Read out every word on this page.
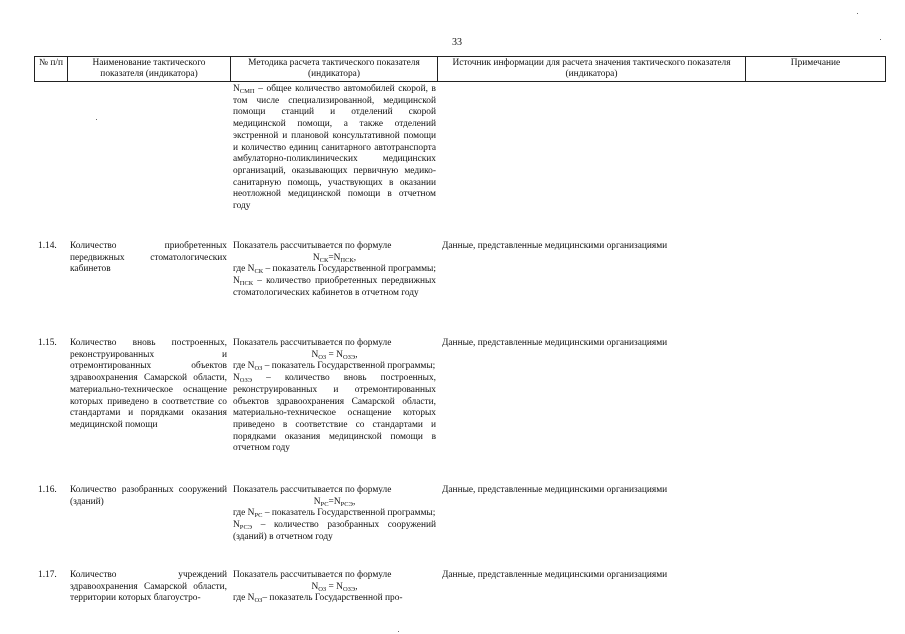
33
№ п/п	Наименование тактического показателя (индикатора)
Методика расчета тактического показателя (индикатора)
Источник информации для расчета значения тактического показателя (индикатора)
Примечание
$N_{СМП}$ – общее количество автомобилей скорой, в том числе специализированной, медицинской помощи станций и отделений скорой медицинской помощи, а также отделений экстренной и плановой консультативной помощи и количество единиц санитарного автотранспорта амбулаторно-поликлинических медицинских организаций, оказывающих первичную медико-санитарную помощь, участвующих в оказании неотложной медицинской помощи в отчетном году
1.14. Количество приобретенных передвижных стоматологических кабинетов
Показатель рассчитывается по формуле
$N_{СК}=N_{ПСК}$,
где $N_{СК}$ – показатель Государственной программы;
$N_{ПСК}$ – количество приобретенных передвижных стоматологических кабинетов в отчетном году
Данные, представленные медицинскими организациями
1.15. Количество вновь построенных, реконструированных и отремонтированных объектов здравоохранения Самарской области, материально-техническое оснащение которых приведено в соответствие со стандартами и порядками оказания медицинской помощи
Показатель рассчитывается по формуле
$N_{ОЗ} = N_{ОЗЭ}$,
где $N_{ОЗ}$ – показатель Государственной программы;
$N_{ОЗЭ}$ – количество вновь построенных, реконструированных и отремонтированных объектов здравоохранения Самарской области, материально-техническое оснащение которых приведено в соответствие со стандартами и порядками оказания медицинской помощи в отчетном году
Данные, представленные медицинскими организациями
1.16. Количество разобранных сооружений (зданий)
Показатель рассчитывается по формуле
$N_{РС}=N_{РСЭ}$,
где $N_{РС}$ – показатель Государственной программы;
$N_{РСЭ}$ – количество разобранных сооружений (зданий) в отчетном году
Данные, представленные медицинскими организациями
1.17. Количество учреждений здравоохранения Самарской области, территории которых благоустро-
Показатель рассчитывается по формуле
$N_{ОЗ} = N_{ОЗЭ}$,
где $N_{ОЗ}-$ показатель Государственной про-
Данные, представленные медицинскими организациями
